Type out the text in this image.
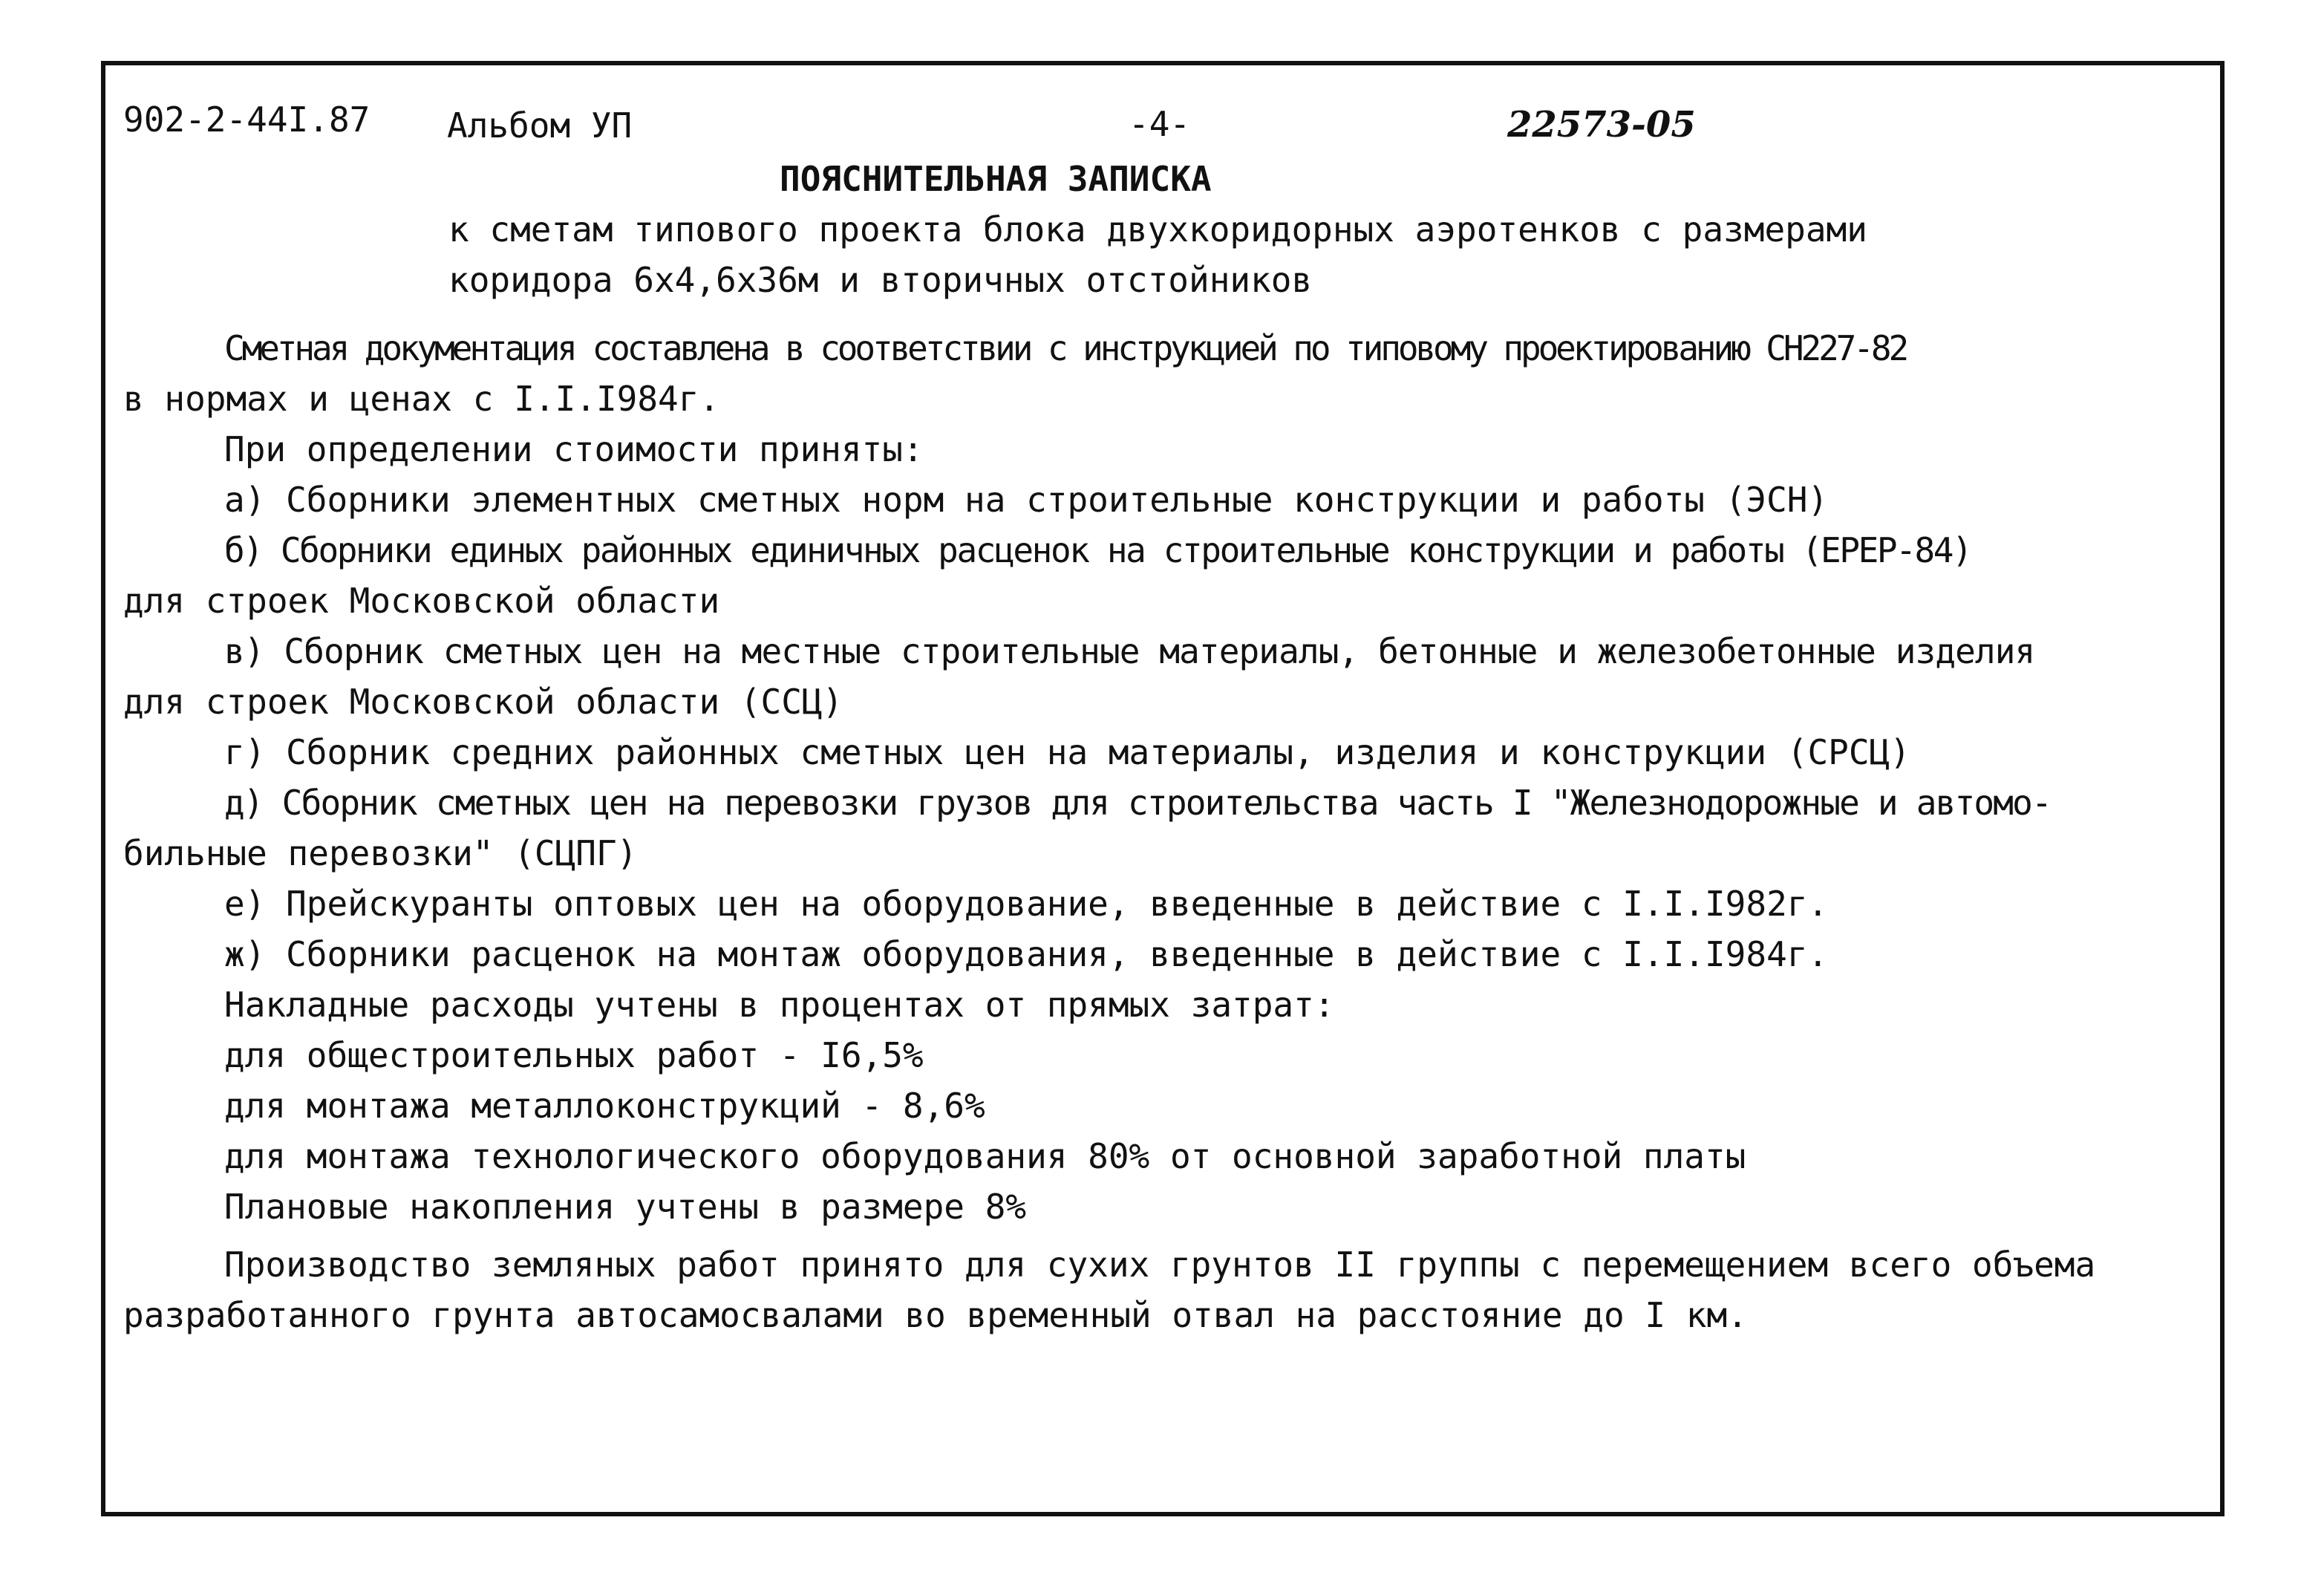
902-2-44I.87 Альбом УП	-4-	22573-05
ПОЯСНИТЕЛЬНАЯ ЗАПИСКА
к сметам типового проекта блока двухкоридорных аэротенков с размерами
коридора 6х4,6х36м и вторичных отстойников
Сметная документация составлена в соответствии с инструкцией по типовому проектированию СН227-82
в нормах и ценах с I.I.I984г.
При определении стоимости приняты:
а) Сборники элементных сметных норм на строительные конструкции и работы (ЭСН)
б) Сборники единых районных единичных расценок на строительные конструкции и работы (ЕРЕР-84)
для строек Московской области
в) Сборник сметных цен на местные строительные материалы, бетонные и железобетонные изделия
для строек Московской области (ССЦ)
г) Сборник средних районных сметных цен на материалы, изделия и конструкции (СРСЦ)
д) Сборник сметных цен на перевозки грузов для строительства часть I "Железнодорожные и автомо-
бильные перевозки" (СЦПГ)
е) Прейскуранты оптовых цен на оборудование, введенные в действие с I.I.I982г.
ж) Сборники расценок на монтаж оборудования, введенные в действие с I.I.I984г.
Накладные расходы учтены в процентах от прямых затрат:
для общестроительных работ - I6,5%
для монтажа металлоконструкций - 8,6%
для монтажа технологического оборудования 80% от основной заработной платы
Плановые накопления учтены в размере 8%
Производство земляных работ принято для сухих грунтов II группы с перемещением всего объема
разработанного грунта автосамосвалами во временный отвал на расстояние до I км.
